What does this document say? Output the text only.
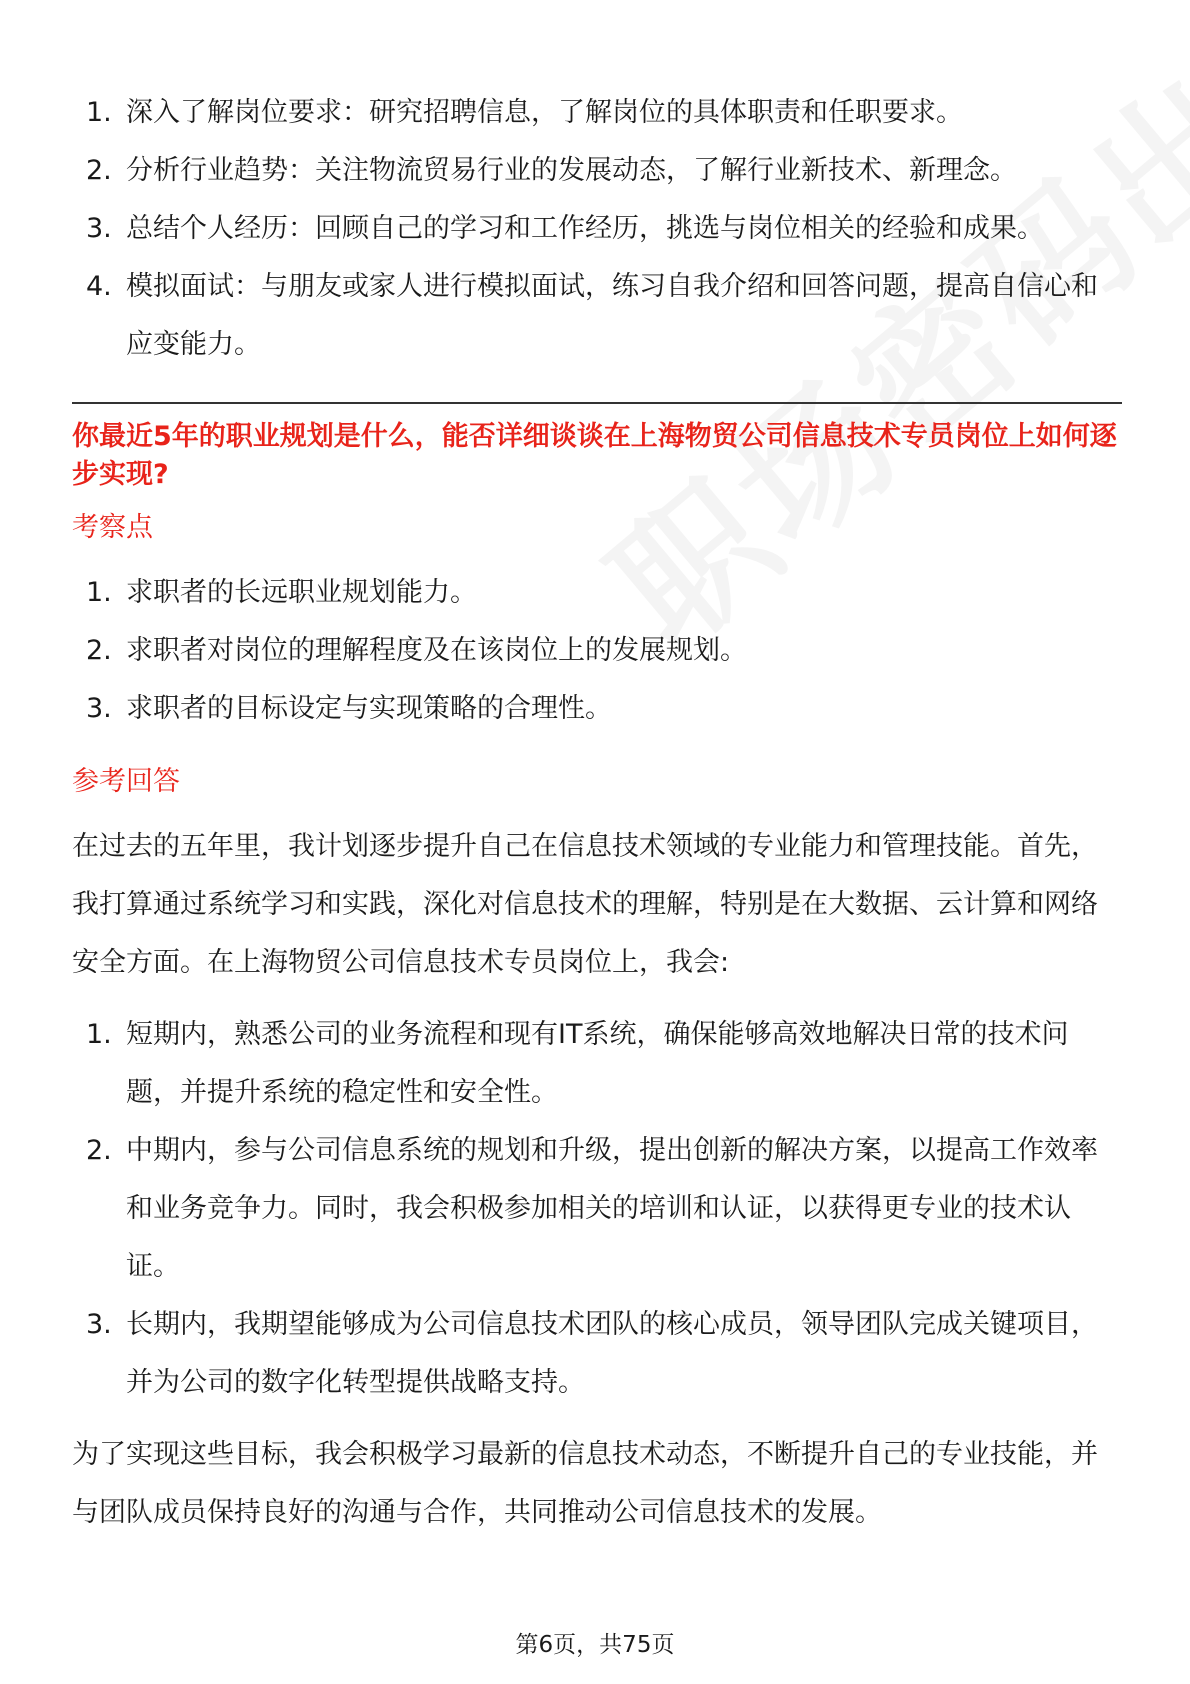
1. 深入了解岗位要求：研究招聘信息，了解岗位的具体职责和任职要求。
2. 分析行业趋势：关注物流贸易行业的发展动态，了解行业新技术、新理念。
3. 总结个人经历：回顾自己的学习和工作经历，挑选与岗位相关的经验和成果。
4. 模拟面试：与朋友或家人进行模拟面试，练习自我介绍和回答问题，提高自信心和应变能力。
你最近5年的职业规划是什么，能否详细谈谈在上海物贸公司信息技术专员岗位上如何逐步实现?
考察点
1. 求职者的长远职业规划能力。
2. 求职者对岗位的理解程度及在该岗位上的发展规划。
3. 求职者的目标设定与实现策略的合理性。
参考回答

在过去的五年里，我计划逐步提升自己在信息技术领域的专业能力和管理技能。首先，我打算通过系统学习和实践，深化对信息技术的理解，特别是在大数据、云计算和网络安全方面。在上海物贸公司信息技术专员岗位上，我会:

1. 短期内，熟悉公司的业务流程和现有IT系统，确保能够高效地解决日常的技术问题，并提升系统的稳定性和安全性。
2. 中期内，参与公司信息系统的规划和升级，提出创新的解决方案，以提高工作效率和业务竞争力。同时，我会积极参加相关的培训和认证，以获得更专业的技术认证。
3. 长期内，我期望能够成为公司信息技术团队的核心成员，领导团队完成关键项目，并为公司的数字化转型提供战略支持。

为了实现这些目标，我会积极学习最新的信息技术动态，不断提升自己的专业技能，并与团队成员保持良好的沟通与合作，共同推动公司信息技术的发展。

第6页，共75页
